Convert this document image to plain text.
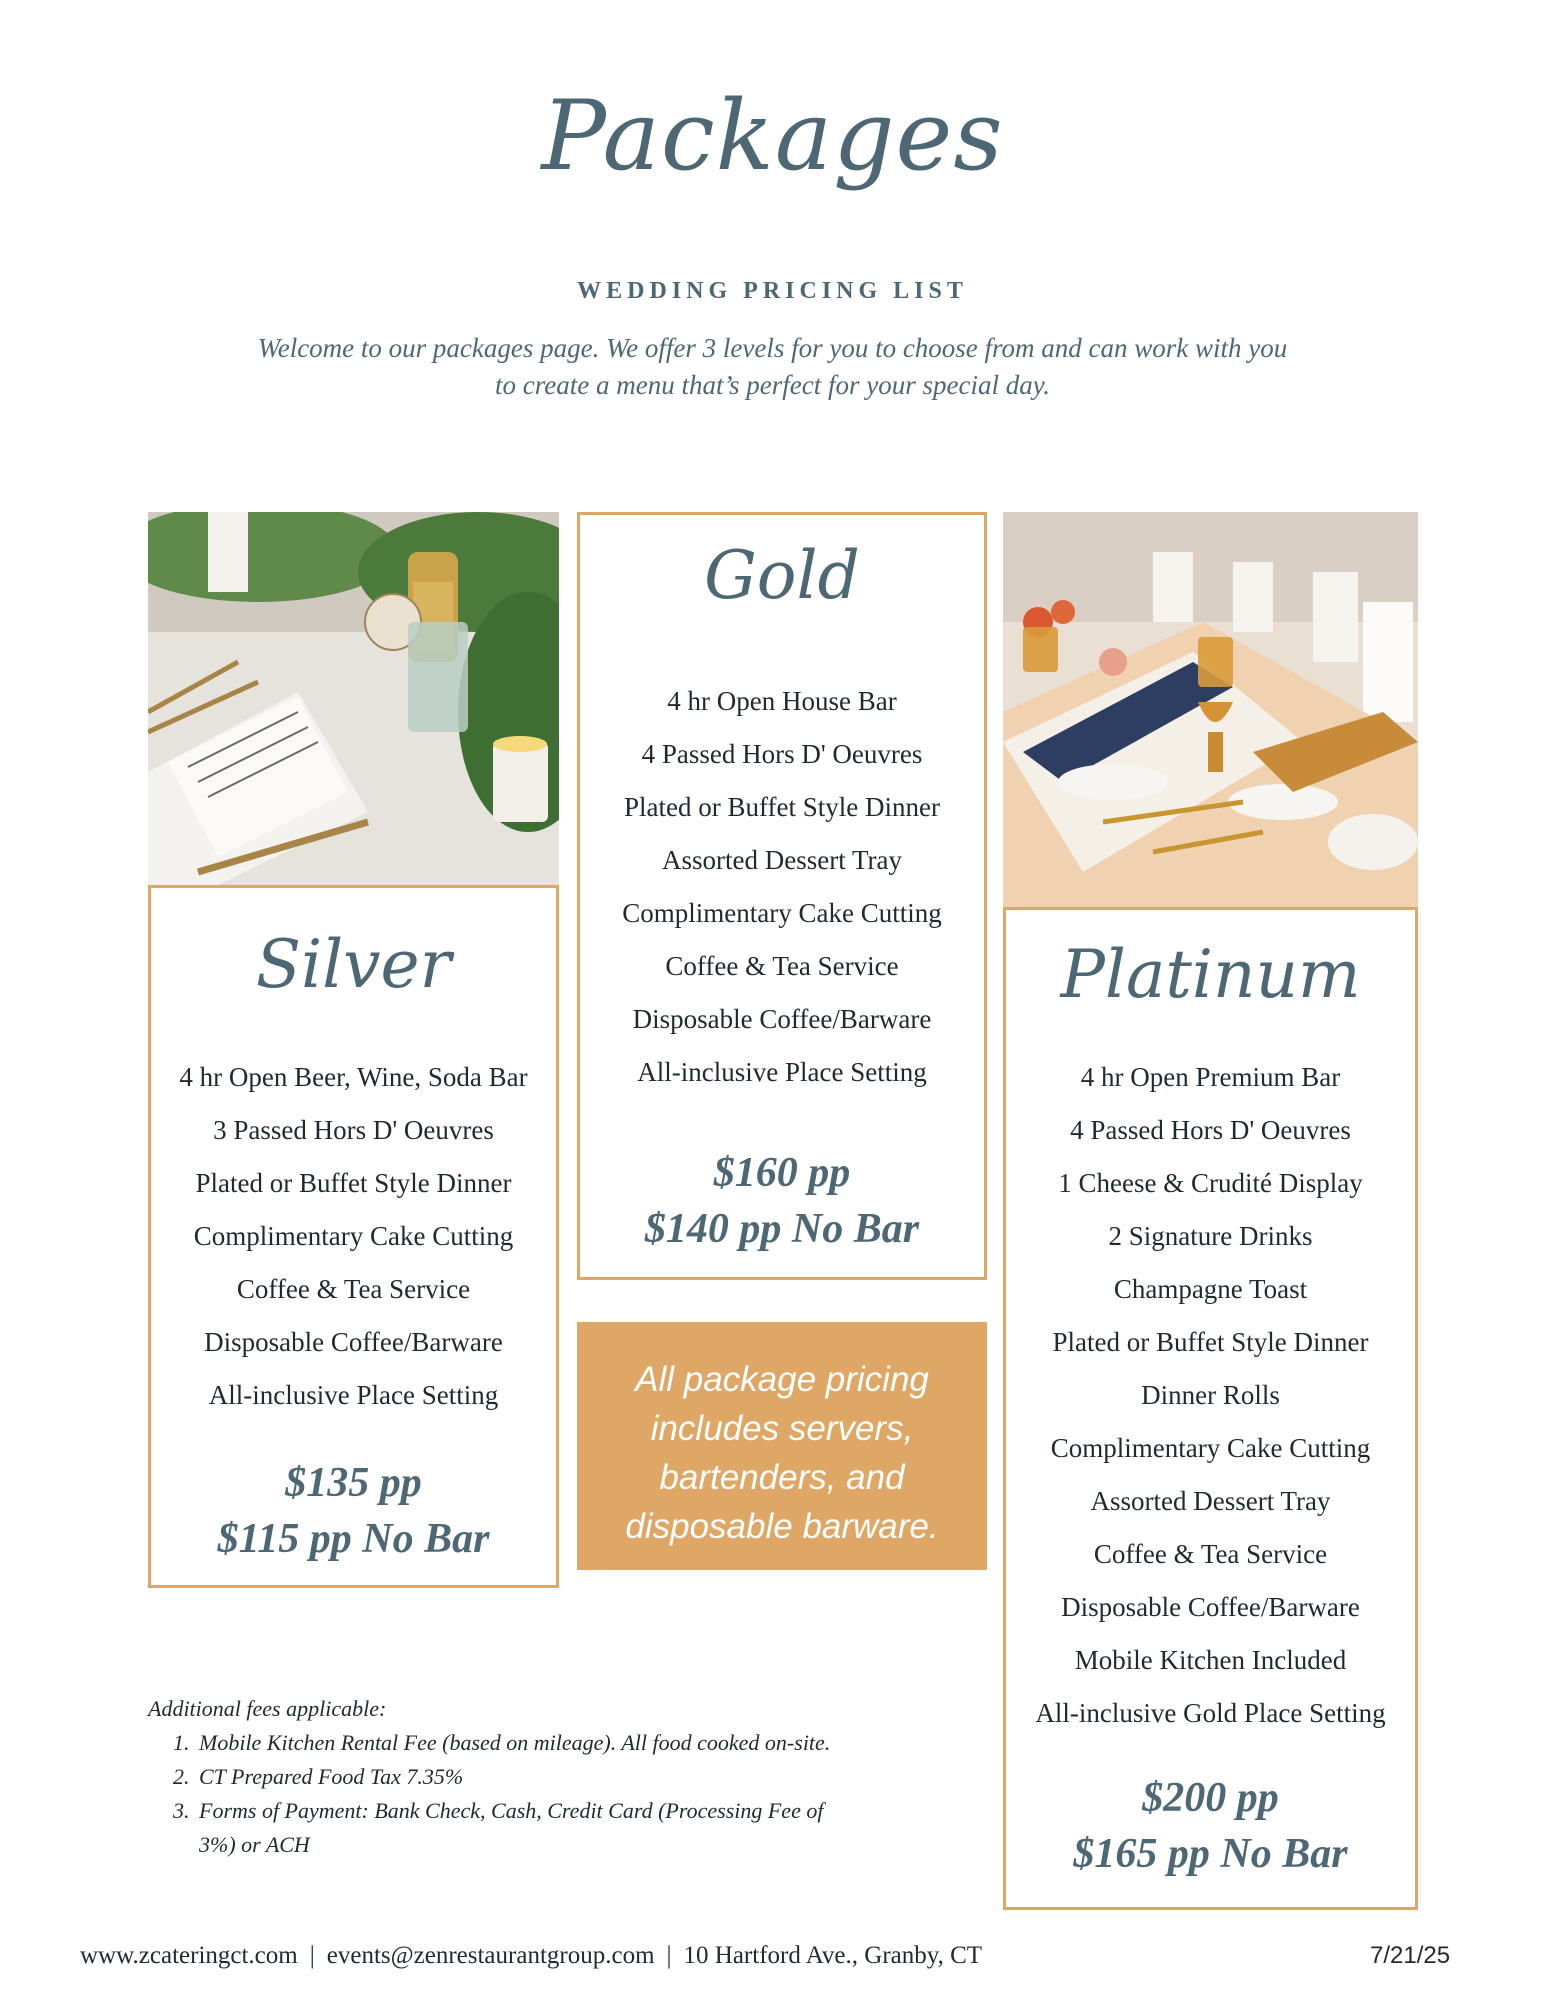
Packages
WEDDING PRICING LIST
Welcome to our packages page. We offer 3 levels for you to choose from and can work with you
to create a menu that’s perfect for your special day.
Silver
4 hr Open Beer, Wine, Soda Bar
3 Passed Hors D' Oeuvres
Plated or Buffet Style Dinner
Complimentary Cake Cutting
Coffee & Tea Service
Disposable Coffee/Barware
All-inclusive Place Setting
$135 pp
$115 pp No Bar
Gold
4 hr Open House Bar
4 Passed Hors D' Oeuvres
Plated or Buffet Style Dinner
Assorted Dessert Tray
Complimentary Cake Cutting
Coffee & Tea Service
Disposable Coffee/Barware
All-inclusive Place Setting
$160 pp
$140 pp No Bar
All package pricing
includes servers,
bartenders, and
disposable barware.
Platinum
4 hr Open Premium Bar
4 Passed Hors D' Oeuvres
1 Cheese & Crudité Display
2 Signature Drinks
Champagne Toast
Plated or Buffet Style Dinner
Dinner Rolls
Complimentary Cake Cutting
Assorted Dessert Tray
Coffee & Tea Service
Disposable Coffee/Barware
Mobile Kitchen Included
All-inclusive Gold Place Setting
$200 pp
$165 pp No Bar
Additional fees applicable:
1. Mobile Kitchen Rental Fee (based on mileage). All food cooked on-site.
2. CT Prepared Food Tax 7.35%
3. Forms of Payment: Bank Check, Cash, Credit Card (Processing Fee of 3%) or ACH
www.zcateringct.com | events@zenrestaurantgroup.com | 10 Hartford Ave., Granby, CT	7/21/25
